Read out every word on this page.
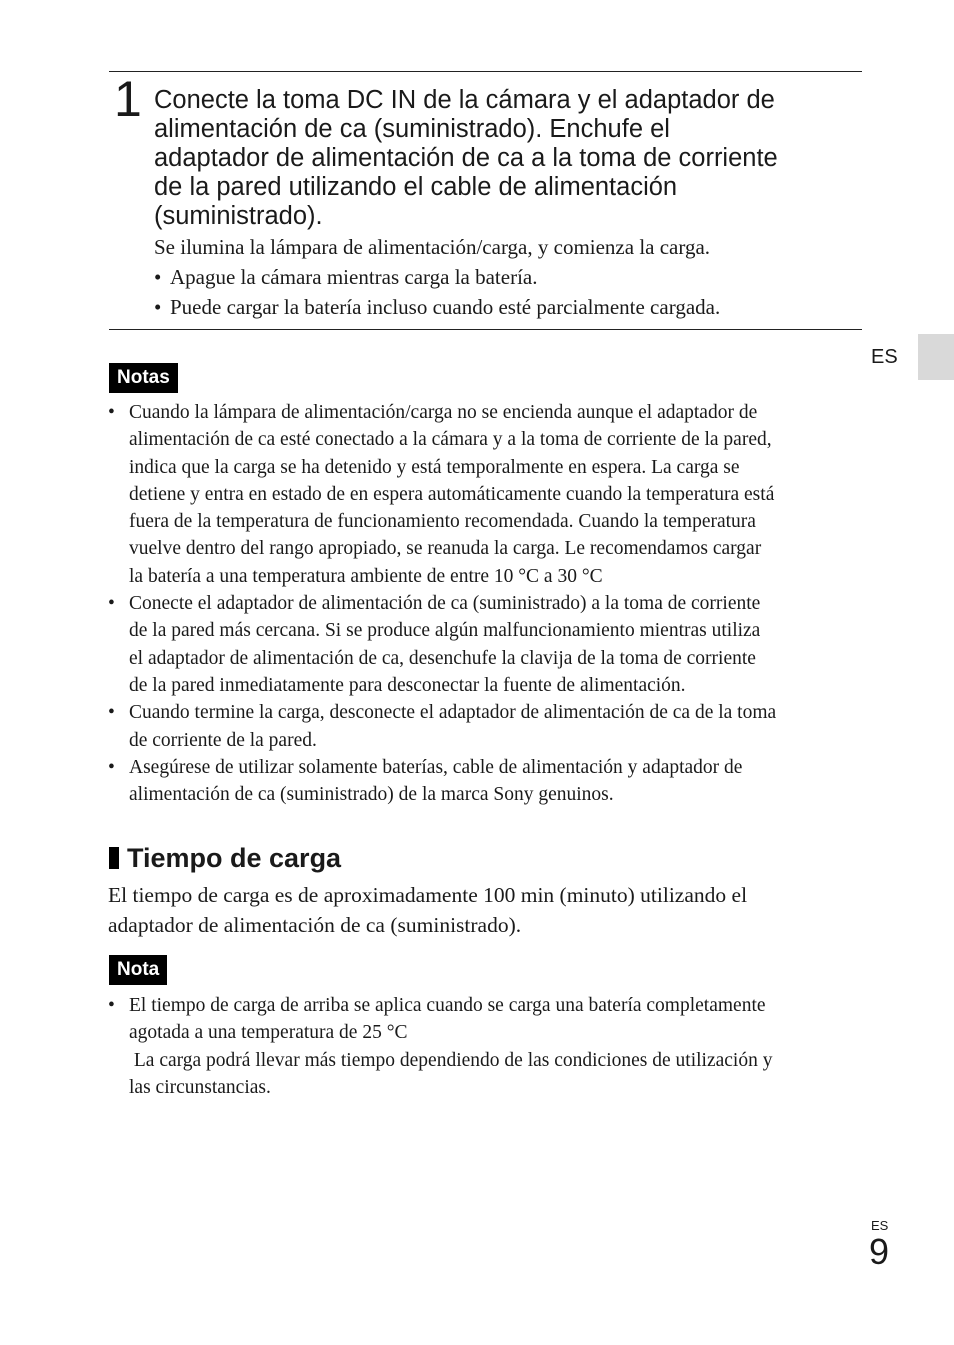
1 Conecte la toma DC IN de la cámara y el adaptador de
alimentación de ca (suministrado). Enchufe el
adaptador de alimentación de ca a la toma de corriente
de la pared utilizando el cable de alimentación
(suministrado).
Se ilumina la lámpara de alimentación/carga, y comienza la carga.
• Apague la cámara mientras carga la batería.
• Puede cargar la batería incluso cuando esté parcialmente cargada.
ES
Notas
• Cuando la lámpara de alimentación/carga no se encienda aunque el adaptador de
alimentación de ca esté conectado a la cámara y a la toma de corriente de la pared,
indica que la carga se ha detenido y está temporalmente en espera. La carga se
detiene y entra en estado de en espera automáticamente cuando la temperatura está
fuera de la temperatura de funcionamiento recomendada. Cuando la temperatura
vuelve dentro del rango apropiado, se reanuda la carga. Le recomendamos cargar
la batería a una temperatura ambiente de entre 10 °C a 30 °C
• Conecte el adaptador de alimentación de ca (suministrado) a la toma de corriente
de la pared más cercana. Si se produce algún malfuncionamiento mientras utiliza
el adaptador de alimentación de ca, desenchufe la clavija de la toma de corriente
de la pared inmediatamente para desconectar la fuente de alimentación.
• Cuando termine la carga, desconecte el adaptador de alimentación de ca de la toma
de corriente de la pared.
• Asegúrese de utilizar solamente baterías, cable de alimentación y adaptador de
alimentación de ca (suministrado) de la marca Sony genuinos.
Tiempo de carga
El tiempo de carga es de aproximadamente 100 min (minuto) utilizando el
adaptador de alimentación de ca (suministrado).
Nota
• El tiempo de carga de arriba se aplica cuando se carga una batería completamente
agotada a una temperatura de 25 °C
La carga podrá llevar más tiempo dependiendo de las condiciones de utilización y
las circunstancias.
ES
9
